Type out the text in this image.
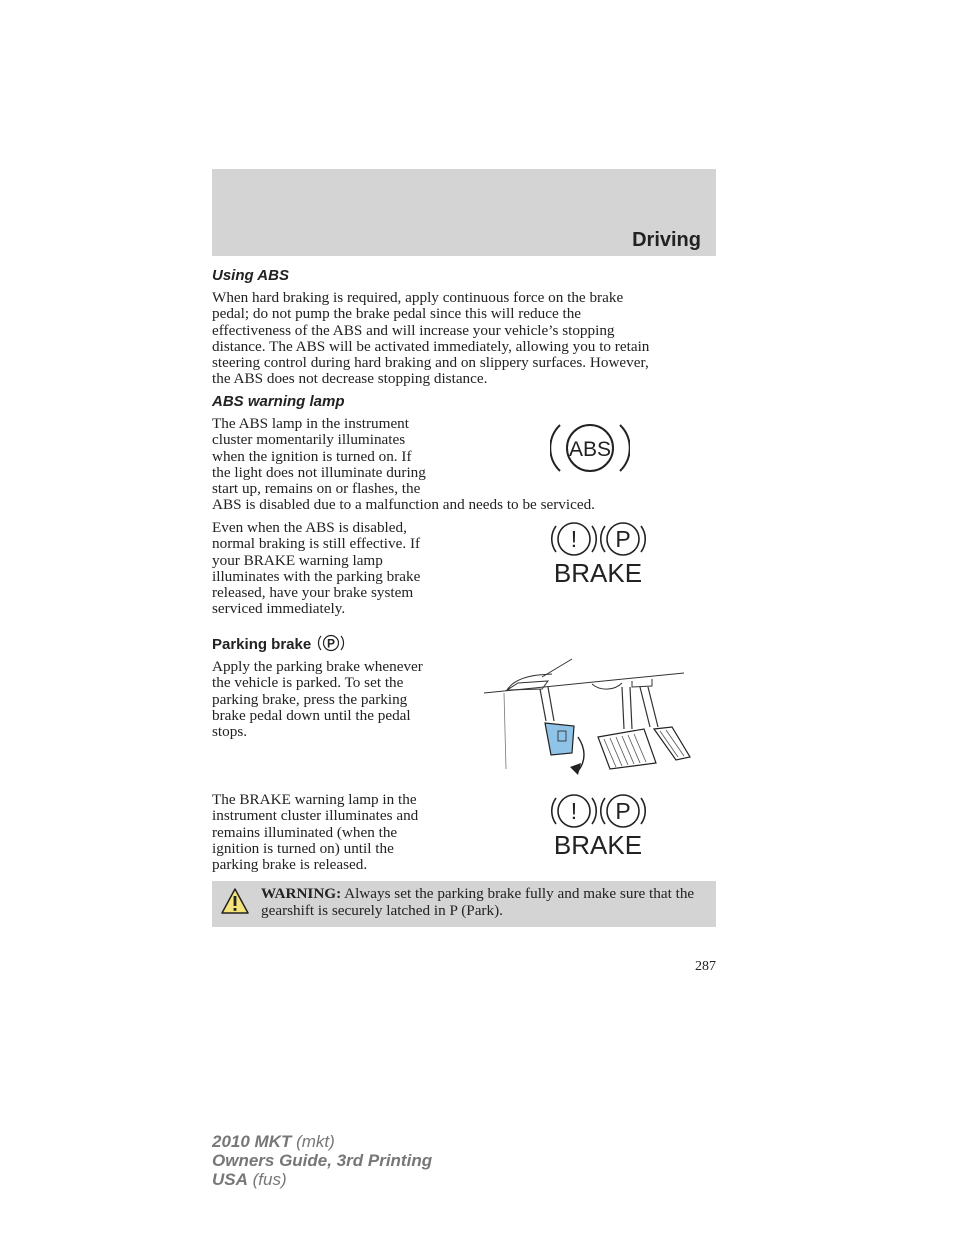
Driving
Using ABS
When hard braking is required, apply continuous force on the brake
pedal; do not pump the brake pedal since this will reduce the
effectiveness of the ABS and will increase your vehicle’s stopping
distance. The ABS will be activated immediately, allowing you to retain
steering control during hard braking and on slippery surfaces. However,
the ABS does not decrease stopping distance.
ABS warning lamp
The ABS lamp in the instrument
cluster momentarily illuminates
when the ignition is turned on. If
the light does not illuminate during
start up, remains on or flashes, the
ABS is disabled due to a malfunction and needs to be serviced.
ABS
Even when the ABS is disabled,
normal braking is still effective. If
your BRAKE warning lamp
illuminates with the parking brake
released, have your brake system
serviced immediately.
! P
BRAKE
Parking brake P
Apply the parking brake whenever
the vehicle is parked. To set the
parking brake, press the parking
brake pedal down until the pedal
stops.
The BRAKE warning lamp in the
instrument cluster illuminates and
remains illuminated (when the
ignition is turned on) until the
parking brake is released.
! P
BRAKE
WARNING: Always set the parking brake fully and make sure that the gearshift is securely latched in P (Park).
287
2010 MKT (mkt)
Owners Guide, 3rd Printing
USA (fus)
